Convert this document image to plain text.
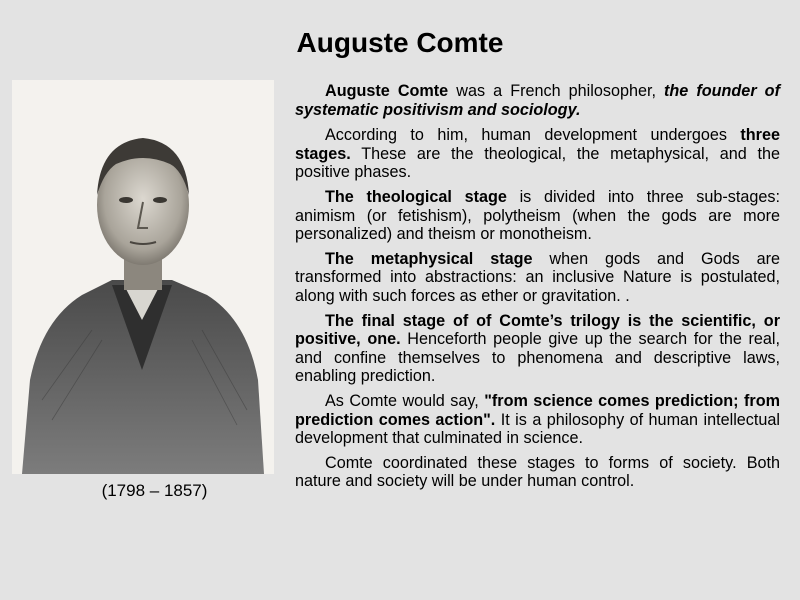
Auguste Comte
(1798 – 1857)

Auguste Comte was a French philosopher, the founder of systematic positivism and sociology.

According to him, human development undergoes three stages. These are the theological, the metaphysical, and the positive phases.

The theological stage is divided into three sub-stages: animism (or fetishism), polytheism (when the gods are more personalized) and theism or monotheism.

The metaphysical stage when gods and Gods are transformed into abstractions: an inclusive Nature is postulated, along with such forces as ether or gravitation. .

The final stage of of Comte’s trilogy is the scientific, or positive, one. Henceforth people give up the search for the real, and confine themselves to phenomena and descriptive laws, enabling prediction.

As Comte would say, "from science comes prediction; from prediction comes action". It is a philosophy of human intellectual development that culminated in science.

Comte coordinated these stages to forms of society. Both nature and society will be under human control.
